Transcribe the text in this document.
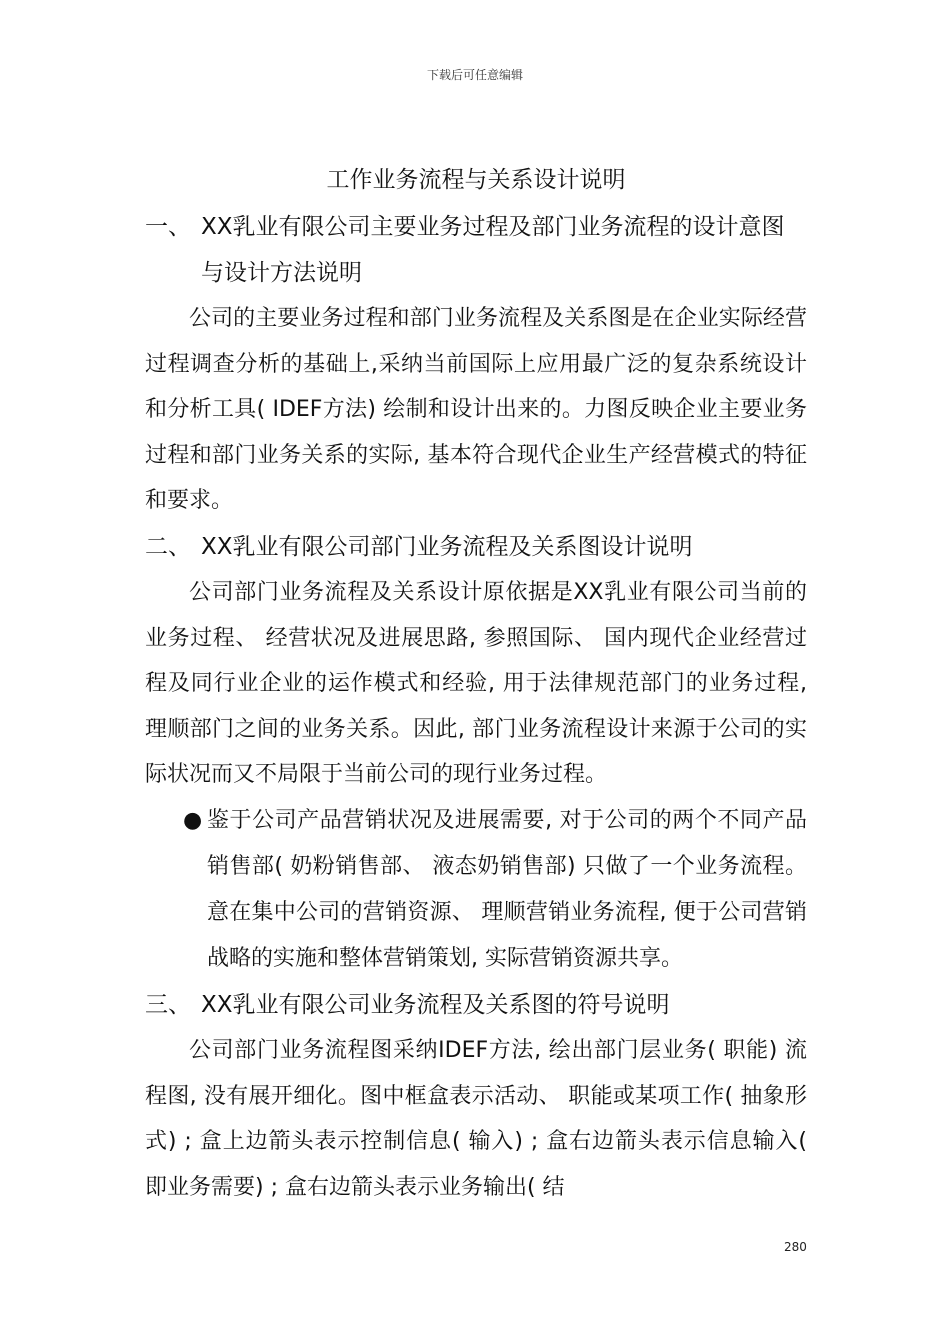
下载后可任意编辑
工作业务流程与关系设计说明
一、 XX乳业有限公司主要业务过程及部门业务流程的设计意图与设计方法说明

公司的主要业务过程和部门业务流程及关系图是在企业实际经营过程调查分析的基础上,采纳当前国际上应用最广泛的复杂系统设计和分析工具( IDEF方法) 绘制和设计出来的。力图反映企业主要业务过程和部门业务关系的实际, 基本符合现代企业生产经营模式的特征和要求。

二、 XX乳业有限公司部门业务流程及关系图设计说明

公司部门业务流程及关系设计原依据是XX乳业有限公司当前的业务过程、 经营状况及进展思路, 参照国际、 国内现代企业经营过程及同行业企业的运作模式和经验, 用于法律规范部门的业务过程, 理顺部门之间的业务关系。因此, 部门业务流程设计来源于公司的实际状况而又不局限于当前公司的现行业务过程。

● 鉴于公司产品营销状况及进展需要, 对于公司的两个不同产品销售部( 奶粉销售部、 液态奶销售部) 只做了一个业务流程。意在集中公司的营销资源、 理顺营销业务流程, 便于公司营销战略的实施和整体营销策划, 实际营销资源共享。
三、 XX乳业有限公司业务流程及关系图的符号说明

公司部门业务流程图采纳IDEF方法, 绘出部门层业务( 职能) 流程图, 没有展开细化。图中框盒表示活动、 职能或某项工作( 抽象形式) ; 盒上边箭头表示控制信息( 输入) ; 盒右边箭头表示信息输入( 即业务需要) ; 盒右边箭头表示业务输出( 结

280
